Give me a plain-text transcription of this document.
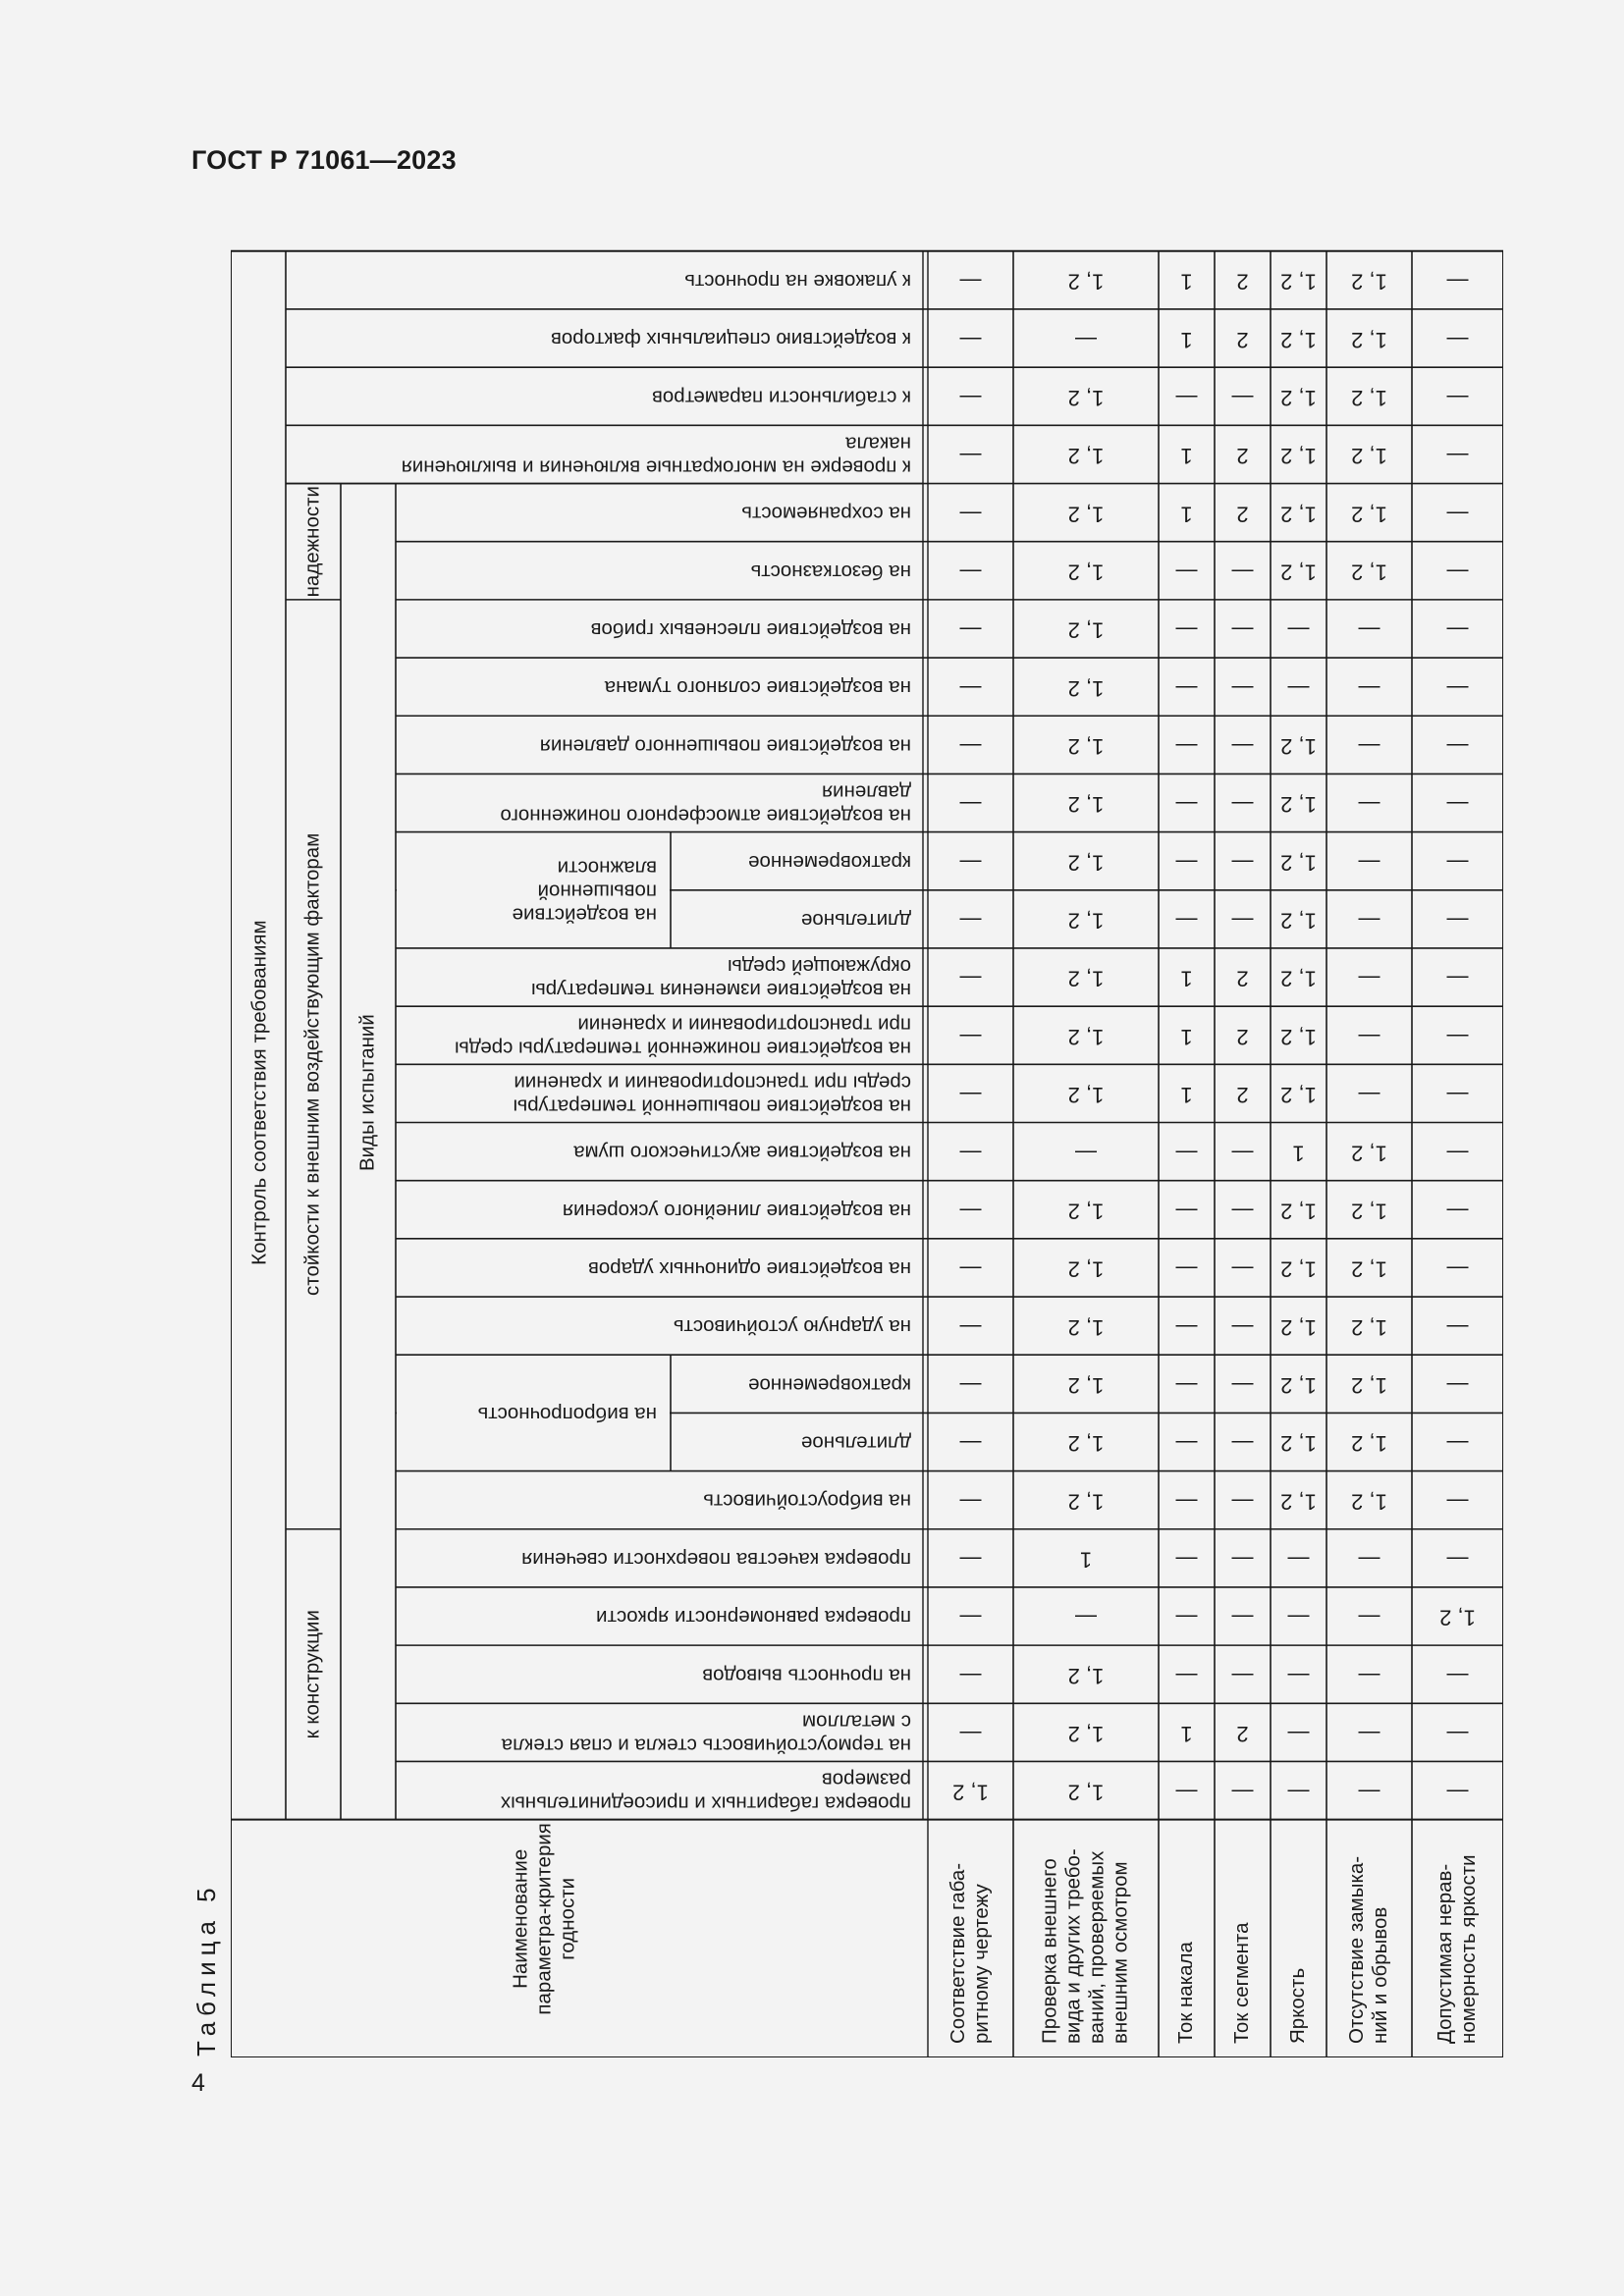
ГОСТ Р 71061—2023
Таблица 5
4
Контроль соответствия требованиям
к конструкции
стойкости к внешним воздействующим факторам
надежности
Виды испытаний
Наименование параметра-критерия годности
проверка габаритных и присоединительных
размеров
на термоустойчивость стекла и спая стекла
с металлом
на прочность выводов
проверка равномерности яркости
проверка качества поверхности свечения
на виброустойчивость
длительное
кратковременное
на ударную устойчивость
на воздействие одиночных ударов
на воздействие линейного ускорения
на воздействие акустического шума
на воздействие повышенной температуры
среды при транспортировании и хранении
на воздействие пониженной температуры среды
при транспортировании и хранении
на воздействие изменения температуры
окружающей среды
длительное
кратковременное
на воздействие атмосферного пониженного
давления
на воздействие повышенного давления
на воздействие соляного тумана
на воздействие плесневых грибов
на безотказность
на сохраняемость
к проверке на многократные включения и выключения
накала
к стабильности параметров
к воздействию специальных факторов
к упаковке на прочность
на вибропрочность
на воздействие
повышенной
влажности
Соответствие габа- ритному чертежу
1, 2
—
—
—
—
—
—
—
—
—
—
—
—
—
—
—
—
—
—
—
—
—
—
—
—
—
—
Проверка внешнего вида и других требо- ваний, проверяемых внешним осмотром
1, 2
1, 2
1, 2
—
1
1, 2
1, 2
1, 2
1, 2
1, 2
1, 2
—
1, 2
1, 2
1, 2
1, 2
1, 2
1, 2
1, 2
1, 2
1, 2
1, 2
1, 2
1, 2
1, 2
—
1, 2
Ток накала
—
1
—
—
—
—
—
—
—
—
—
—
1
1
1
—
—
—
—
—
—
—
1
1
—
1
1
Ток сегмента
—
2
—
—
—
—
—
—
—
—
—
—
2
2
2
—
—
—
—
—
—
—
2
2
—
2
2
Яркость
—
—
—
—
—
1, 2
1, 2
1, 2
1, 2
1, 2
1, 2
1
1, 2
1, 2
1, 2
1, 2
1, 2
1, 2
1, 2
—
—
1, 2
1, 2
1, 2
1, 2
1, 2
1, 2
Отсутствие замыка- ний и обрывов
—
—
—
—
—
1, 2
1, 2
1, 2
1, 2
1, 2
1, 2
1, 2
—
—
—
—
—
—
—
—
—
1, 2
1, 2
1, 2
1, 2
1, 2
1, 2
Допустимая нерав- номерность яркости
—
—
—
1, 2
—
—
—
—
—
—
—
—
—
—
—
—
—
—
—
—
—
—
—
—
—
—
—
